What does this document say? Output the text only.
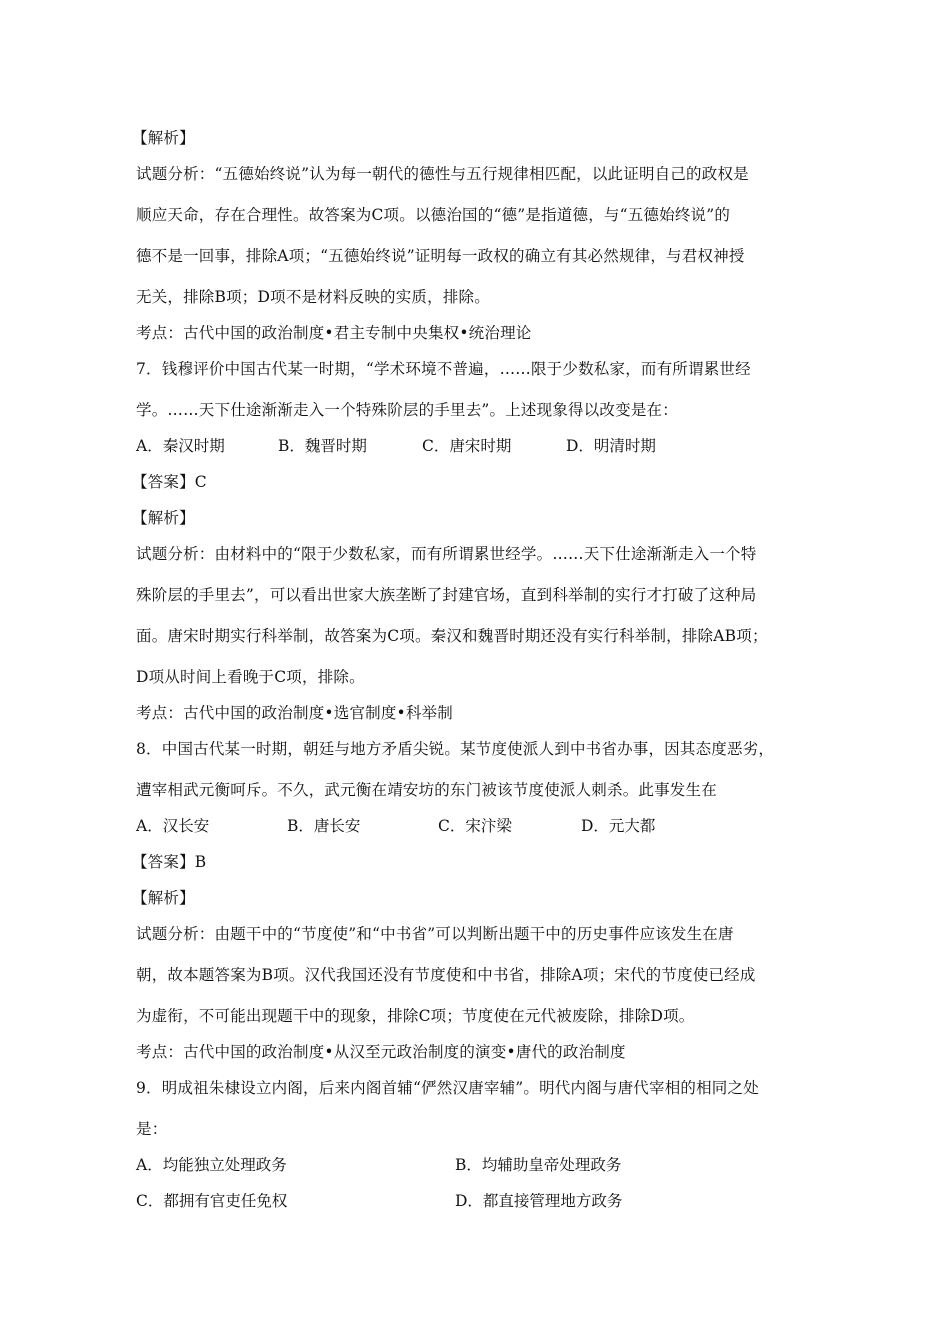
【解析】
试题分析：“五德始终说”认为每一朝代的德性与五行规律相匹配，以此证明自己的政权是
顺应天命，存在合理性。故答案为C项。以德治国的“德”是指道德，与“五德始终说”的
德不是一回事，排除A项；“五德始终说”证明每一政权的确立有其必然规律，与君权神授
无关，排除B项；D项不是材料反映的实质，排除。
考点：古代中国的政治制度•君主专制中央集权•统治理论
7．钱穆评价中国古代某一时期，“学术环境不普遍，……限于少数私家，而有所谓累世经
学。……天下仕途渐渐走入一个特殊阶层的手里去”。上述现象得以改变是在：
A．秦汉时期	B．魏晋时期	C．唐宋时期	D．明清时期
【答案】C
【解析】
试题分析：由材料中的“限于少数私家，而有所谓累世经学。……天下仕途渐渐走入一个特
殊阶层的手里去”，可以看出世家大族垄断了封建官场，直到科举制的实行才打破了这种局
面。唐宋时期实行科举制，故答案为C项。秦汉和魏晋时期还没有实行科举制，排除AB项；
D项从时间上看晚于C项，排除。
考点：古代中国的政治制度•选官制度•科举制
8．中国古代某一时期，朝廷与地方矛盾尖锐。某节度使派人到中书省办事，因其态度恶劣，
遭宰相武元衡呵斥。不久，武元衡在靖安坊的东门被该节度使派人刺杀。此事发生在
A．汉长安	B．唐长安	C．宋汴梁	D．元大都
【答案】B
【解析】
试题分析：由题干中的“节度使”和“中书省”可以判断出题干中的历史事件应该发生在唐
朝，故本题答案为B项。汉代我国还没有节度使和中书省，排除A项；宋代的节度使已经成
为虚衔，不可能出现题干中的现象，排除C项；节度使在元代被废除，排除D项。
考点：古代中国的政治制度•从汉至元政治制度的演变•唐代的政治制度
9．明成祖朱棣设立内阁，后来内阁首辅“俨然汉唐宰辅”。明代内阁与唐代宰相的相同之处
是：
A．均能独立处理政务	B．均辅助皇帝处理政务
C．都拥有官吏任免权	D．都直接管理地方政务
